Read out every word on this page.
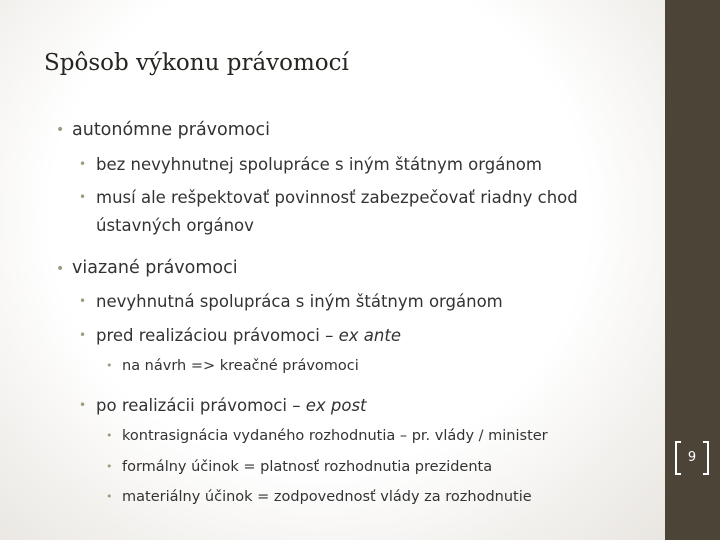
Spôsob výkonu právomocí
• autonómne právomoci
• bez nevyhnutnej spolupráce s iným štátnym orgánom
• musí ale rešpektovať povinnosť zabezpečovať riadny chod
ústavných orgánov
• viazané právomoci
• nevyhnutná spolupráca s iným štátnym orgánom
• pred realizáciou právomoci – ex ante
• na návrh => kreačné právomoci
• po realizácii právomoci – ex post
• kontrasignácia vydaného rozhodnutia – pr. vlády / minister
• formálny účinok = platnosť rozhodnutia prezidenta
• materiálny účinok = zodpovednosť vlády za rozhodnutie
9
